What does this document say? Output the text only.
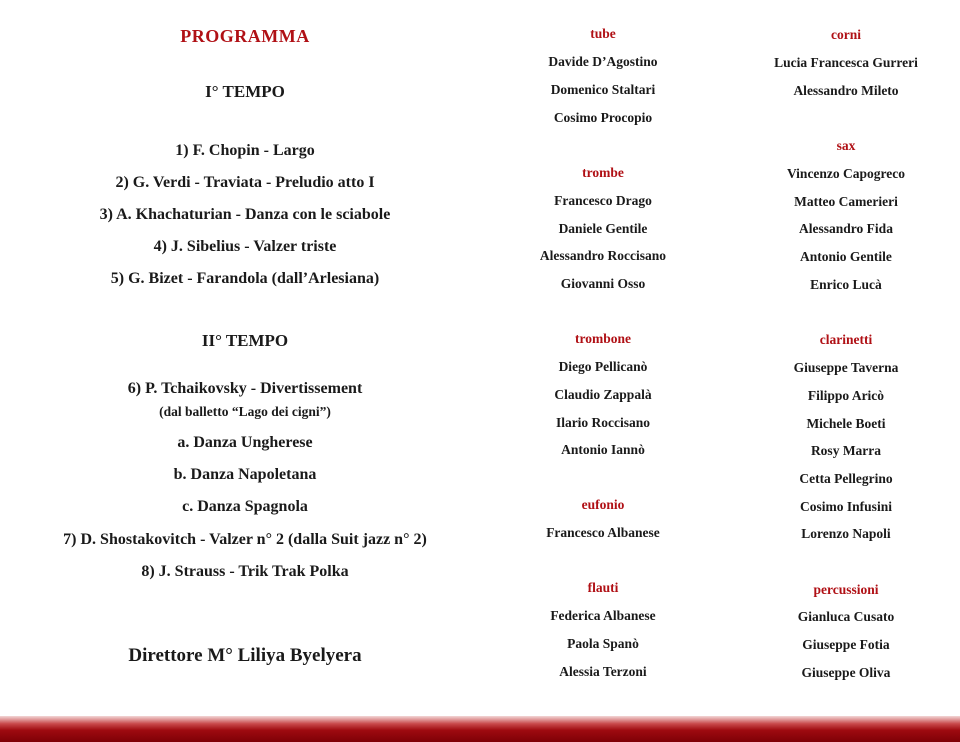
PROGRAMMA
I° TEMPO
1) F. Chopin - Largo
2) G. Verdi - Traviata - Preludio atto I
3) A. Khachaturian - Danza con le sciabole
4) J. Sibelius - Valzer triste
5) G. Bizet - Farandola (dall’Arlesiana)
II° TEMPO
6) P. Tchaikovsky - Divertissement
(dal balletto “Lago dei cigni”)
a. Danza Ungherese
b. Danza Napoletana
c. Danza Spagnola
7) D. Shostakovitch - Valzer n° 2 (dalla Suit jazz n° 2)
8) J. Strauss - Trik Trak Polka
Direttore M° Liliya Byelyera
tube
Davide D’Agostino
Domenico Staltari
Cosimo Procopio
trombe
Francesco Drago
Daniele Gentile
Alessandro Roccisano
Giovanni Osso
trombone
Diego Pellicanò
Claudio Zappalà
Ilario Roccisano
Antonio Iannò
eufonio
Francesco Albanese
flauti
Federica Albanese
Paola Spanò
Alessia Terzoni
corni
Lucia Francesca Gurreri
Alessandro Mileto
sax
Vincenzo Capogreco
Matteo Camerieri
Alessandro Fida
Antonio Gentile
Enrico Lucà
clarinetti
Giuseppe Taverna
Filippo Aricò
Michele Boeti
Rosy Marra
Cetta Pellegrino
Cosimo Infusini
Lorenzo Napoli
percussioni
Gianluca Cusato
Giuseppe Fotia
Giuseppe Oliva
